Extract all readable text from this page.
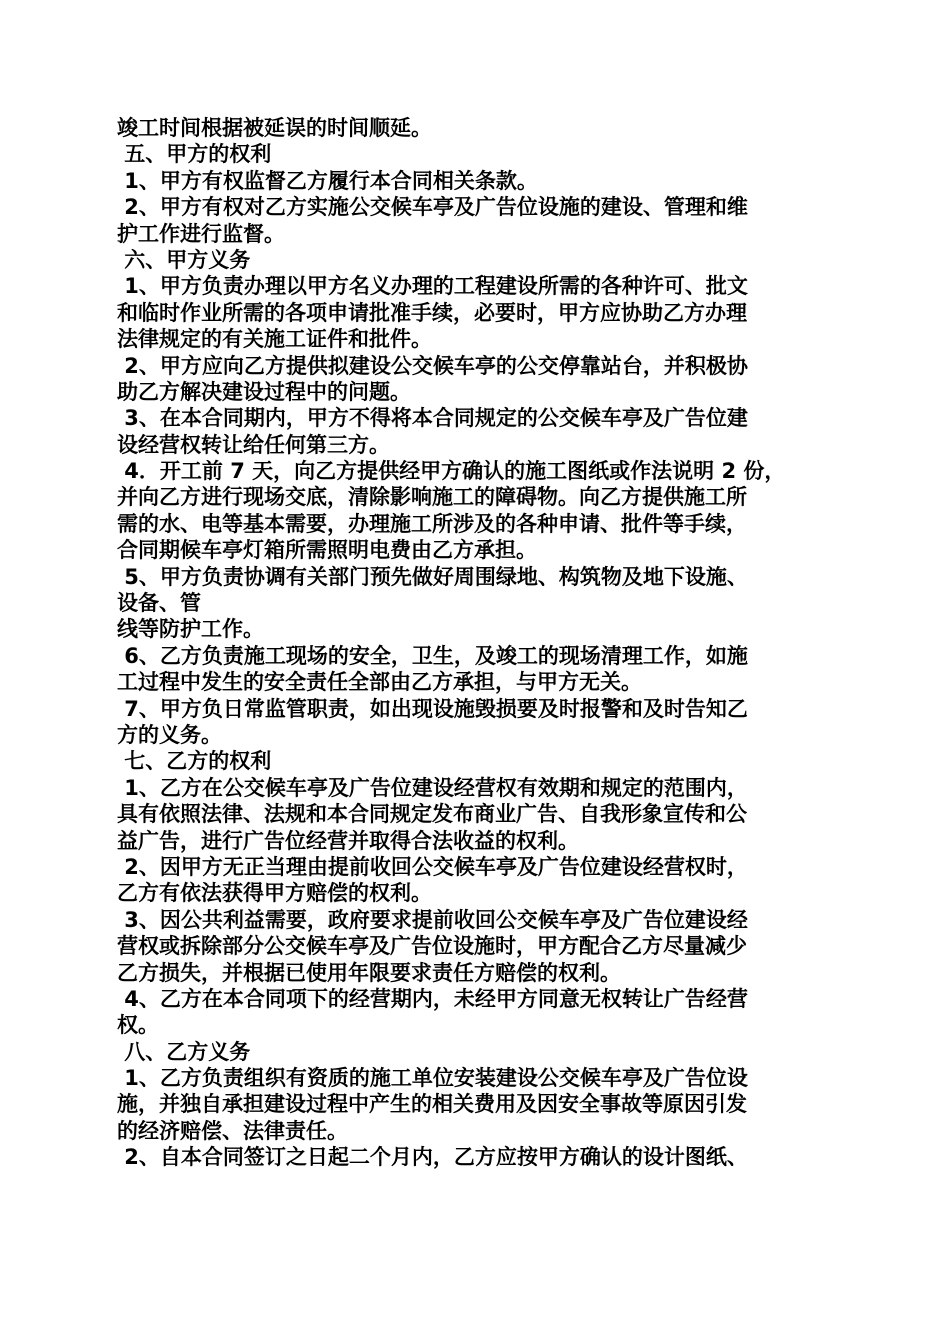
竣工时间根据被延误的时间顺延。
五、甲方的权利
1、甲方有权监督乙方履行本合同相关条款。
2、甲方有权对乙方实施公交候车亭及广告位设施的建设、管理和维
护工作进行监督。
六、甲方义务
1、甲方负责办理以甲方名义办理的工程建设所需的各种许可、批文
和临时作业所需的各项申请批准手续，必要时，甲方应协助乙方办理
法律规定的有关施工证件和批件。
2、甲方应向乙方提供拟建设公交候车亭的公交停靠站台，并积极协
助乙方解决建设过程中的问题。
3、在本合同期内，甲方不得将本合同规定的公交候车亭及广告位建
设经营权转让给任何第三方。
4．开工前 7 天，向乙方提供经甲方确认的施工图纸或作法说明 2 份，
并向乙方进行现场交底，清除影响施工的障碍物。向乙方提供施工所
需的水、电等基本需要，办理施工所涉及的各种申请、批件等手续，
合同期候车亭灯箱所需照明电费由乙方承担。
5、甲方负责协调有关部门预先做好周围绿地、构筑物及地下设施、
设备、管
线等防护工作。
6、乙方负责施工现场的安全，卫生，及竣工的现场清理工作，如施
工过程中发生的安全责任全部由乙方承担，与甲方无关。
7、甲方负日常监管职责，如出现设施毁损要及时报警和及时告知乙
方的义务。
七、乙方的权利
1、乙方在公交候车亭及广告位建设经营权有效期和规定的范围内，
具有依照法律、法规和本合同规定发布商业广告、自我形象宣传和公
益广告，进行广告位经营并取得合法收益的权利。
2、因甲方无正当理由提前收回公交候车亭及广告位建设经营权时，
乙方有依法获得甲方赔偿的权利。
3、因公共利益需要，政府要求提前收回公交候车亭及广告位建设经
营权或拆除部分公交候车亭及广告位设施时，甲方配合乙方尽量减少
乙方损失，并根据已使用年限要求责任方赔偿的权利。
4、乙方在本合同项下的经营期内，未经甲方同意无权转让广告经营
权。
八、乙方义务
1、乙方负责组织有资质的施工单位安装建设公交候车亭及广告位设
施，并独自承担建设过程中产生的相关费用及因安全事故等原因引发
的经济赔偿、法律责任。
2、自本合同签订之日起二个月内，乙方应按甲方确认的设计图纸、
